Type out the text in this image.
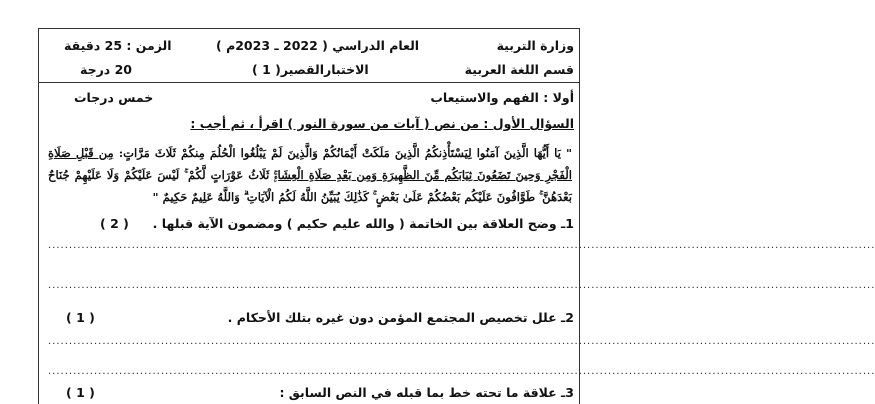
وزارة التربية
العام الدراسي ( 2022 ـ 2023م )
الزمن : 25 دقيقة
قسم اللغة العربية
الاختبارالقصير( 1 )
20 درجة
أولا : الفهم والاستيعاب
خمس درجات
السؤال الأول : من نص ( آيات من سورة النور ) اقرأ ، ثم أجب :
" يَا أَيُّهَا الَّذِينَ آمَنُوا لِيَسْتَأْذِنكُمُ الَّذِينَ مَلَكَتْ أَيْمَانُكُمْ وَالَّذِينَ لَمْ يَبْلُغُوا الْحُلُمَ مِنكُمْ ثَلَاثَ مَرَّاتٍ: مِن قَبْلِ صَلَاةِ الْفَجْرِ وَحِينَ تَضَعُونَ ثِيَابَكُم مِّنَ الظَّهِيرَةِ وَمِن بَعْدِ صَلَاةِ الْعِشَاءِۚ ثَلَاثُ عَوْرَاتٍ لَّكُمْ ۚ لَيْسَ عَلَيْكُمْ وَلَا عَلَيْهِمْ جُنَاحٌ بَعْدَهُنَّ ۚ طَوَّافُونَ عَلَيْكُم بَعْضُكُمْ عَلَىٰ بَعْضٍ ۚ كَذَٰلِكَ يُبَيِّنُ اللَّهُ لَكُمُ الْآيَاتِ ۗ وَاللَّهُ عَلِيمٌ حَكِيمٌ "
1ـ وضح العلاقة بين الخاتمة ( والله عليم حكيم ) ومضمون الآية قبلها .
( 2 )
......................................................................................................................................................................................................
......................................................................................................................................................................................................
2ـ علل تخصيص المجتمع المؤمن دون غيره بتلك الأحكام .
( 1 )
......................................................................................................................................................................................................
......................................................................................................................................................................................................
3ـ علاقة ما تحته خط بما قبله في النص السابق :
( 1 )
